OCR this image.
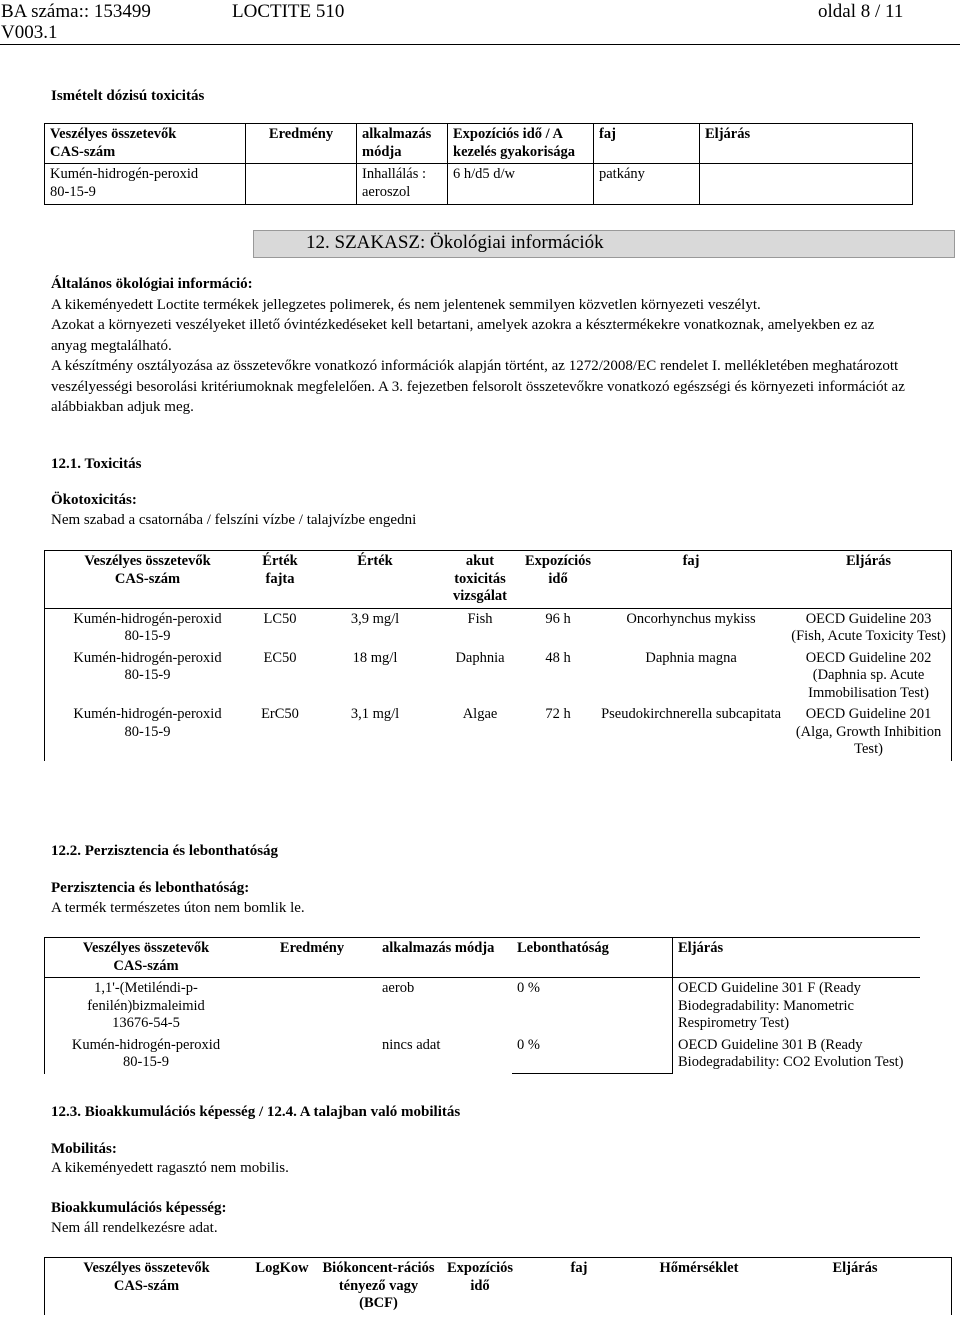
BA száma:: 153499	LOCTITE 510	oldal 8 / 11
V003.1
Ismételt dózisú toxicitás
Veszélyes összetevők
CAS-szám	Eredmény	alkalmazás módja	Expozíciós idő / A kezelés gyakorisága	faj	Eljárás

Kumén-hidrogén-peroxid
80-15-9		Inhallálás : aeroszol	6 h/d5 d/w	patkány	
12. SZAKASZ: Ökológiai információk
Általános ökológiai információ:

A kikeményedett Loctite termékek jellegzetes polimerek, és nem jelentenek semmilyen közvetlen környezeti veszélyt.

Azokat a környezeti veszélyeket illető óvintézkedéseket kell betartani, amelyek azokra a késztermékekre vonatkoznak, amelyekben ez az anyag megtalálható.

A készítmény osztályozása az összetevőkre vonatkozó információk alapján történt, az 1272/2008/EC rendelet I. mellékletében meghatározott veszélyességi besorolási kritériumoknak megfelelően. A 3. fejezetben felsorolt összetevőkre vonatkozó egészségi és környezeti információt az alábbiakban adjuk meg.

12.1. Toxicitás
Ökotoxicitás:
Nem szabad a csatornába / felszíni vízbe / talajvízbe engedni
Veszélyes összetevők
CAS-szám	Érték fajta	Érték	akut toxicitás vizsgálat	Expozíciós idő	faj	Eljárás

Kumén-hidrogén-peroxid
80-15-9	LC50	3,9 mg/l	Fish	96 h	Oncorhynchus mykiss	OECD Guideline 203 (Fish, Acute Toxicity Test)

Kumén-hidrogén-peroxid
80-15-9	EC50	18 mg/l	Daphnia	48 h	Daphnia magna	OECD Guideline 202 (Daphnia sp. Acute Immobilisation Test)

Kumén-hidrogén-peroxid
80-15-9	ErC50	3,1 mg/l	Algae	72 h	Pseudokirchnerella subcapitata	OECD Guideline 201 (Alga, Growth Inhibition Test)
12.2. Perzisztencia és lebonthatóság
Perzisztencia és lebonthatóság:
A termék természetes úton nem bomlik le.
Veszélyes összetevők
CAS-szám	Eredmény	alkalmazás módja	Lebonthatóság	Eljárás

1,1'-(Metiléndi-p-fenilén)bizmaleimid
13676-54-5		aerob	0 %	OECD Guideline 301 F (Ready Biodegradability: Manometric Respirometry Test)

Kumén-hidrogén-peroxid
80-15-9		nincs adat	0 %	OECD Guideline 301 B (Ready Biodegradability: CO2 Evolution Test)
12.3. Bioakkumulációs képesség / 12.4. A talajban való mobilitás
Mobilitás:
A kikeményedett ragasztó nem mobilis.
Bioakkumulációs képesség:
Nem áll rendelkezésre adat.
Veszélyes összetevők
CAS-szám
	LogKow	Biókoncent-rációs tényező vagy (BCF)	Expozíciós idő	faj	Hőmérséklet	Eljárás
